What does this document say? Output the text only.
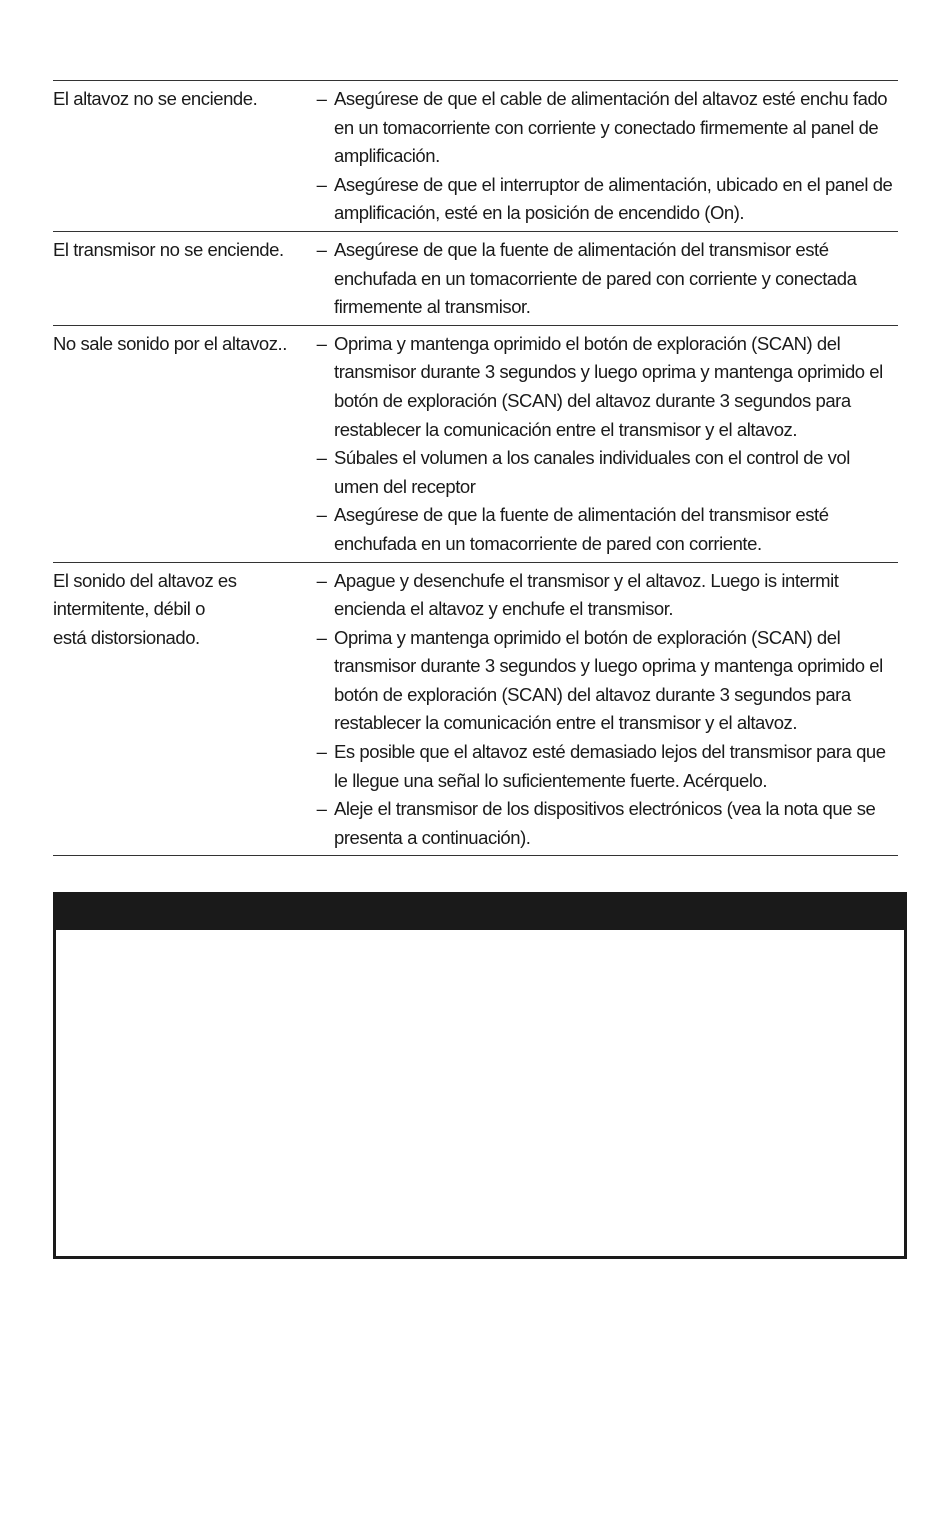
El altavoz no se enciende. –	Asegúrese de que el cable de alimentación del altavoz esté enchu fado en un tomacorriente con corriente y conectado firmemente al panel de amplificación.
–
Asegúrese de que el interruptor de alimentación, ubicado en el panel de amplificación, esté en la posición de encendido (On).
El transmisor no se enciende. –	Asegúrese de que la fuente de alimentación del transmisor esté enchufada en un tomacorriente de pared con corriente y conectada firmemente al transmisor.
No sale sonido por el altavoz.. –	Oprima y mantenga oprimido el botón de exploración (SCAN) del transmisor durante 3 segundos y luego oprima y mantenga oprimido el botón de exploración (SCAN) del altavoz durante 3 segundos para restablecer la comunicación entre el transmisor y el altavoz.
–
Súbales el volumen a los canales individuales con el control de vol umen del receptor
–
Asegúrese de que la fuente de alimentación del transmisor esté enchufada en un tomacorriente de pared con corriente.
El sonido del altavoz es
intermitente, débil o
está distorsionado.
–
Apague y desenchufe el transmisor y el altavoz. Luego is intermit encienda el altavoz y enchufe el transmisor.
–
Oprima y mantenga oprimido el botón de exploración (SCAN) del transmisor durante 3 segundos y luego oprima y mantenga oprimido el botón de exploración (SCAN) del altavoz durante 3 segundos para restablecer la comunicación entre el transmisor y el altavoz.
–
Es posible que el altavoz esté demasiado lejos del transmisor para que le llegue una señal lo suficientemente fuerte. Acérquelo.
–
Aleje el transmisor de los dispositivos electrónicos (vea la nota que se presenta a continuación).
